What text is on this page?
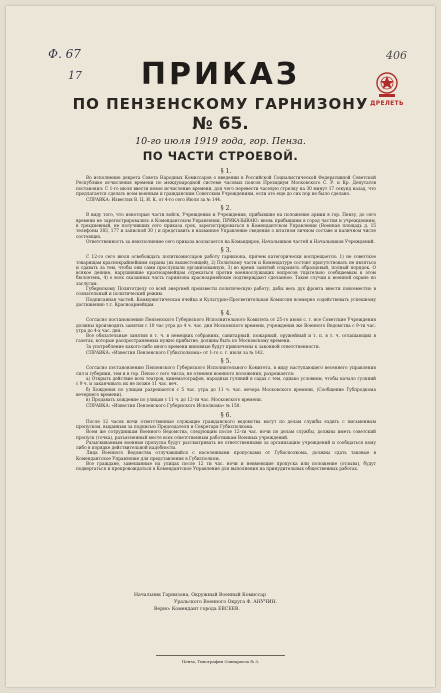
Ф. 67
17
406
ДРЕЛЕТЬ
ПРИКАЗ
ПО ПЕНЗЕНСКОМУ ГАРНИЗОНУ
№ 65.
10-го июля 1919 года, гор. Пенза.
ПО ЧАСТИ СТРОЕВОЙ.
§ 1.

Во исполнение декрета Совета Народных Комиссаров о введении в Российской Социалистической Федеративной Советской Республике исчисления времени по международной системе часовых поясов Президиум Московского С. Р. и Кр. Депутатов постановил: С 1-го июля ввести новое исчисление времени, для чего перевести часовую стрелку на 30 минут 17 секунд назад, что предлагается сделать всем военным и гражданским Советским Учреждениям, если это еще до сих пор не было сделано.

СПРАВКА: Известия В. Ц. И. К. от 4-го сего Июля за № 144.

§ 2.

В виду того, что некоторые части войск, Учреждения и Учреждения, прибывшие на положение армии в гор. Пензу, до сего времени не зарегистрировались в Комендантском Управлении, ПРИКАЗЫВАЮ: вновь прибывшим в город частям и учреждениям, в трехдневный, не получивших сего приказа срок, зарегистрироваться в Комендантском Управлении (Военная площадь д. 15 телефоны 383, 177 и записной 30 ) и представить в названное Управление сведения о штатном личном составе и наличном числе состоящих.

Ответственность за неисполнение сего приказа возлагается на Командиров, Начальников частей и Начальников Учреждений.

§ 3.

С 12-го сего июля освобождать политкомиссаров работу гарнизона, причем категорически воспрещается: 1) не советское товарищам краснокрайнейшим охраны (их вышестоящей), 2) Политкому части и Комендатуре состоит присутствовать не являться и сдавать за тем, чтобы они сами прослушали организованную, 3) во время занятий сохранять образцовый, полный порядок. О всякое деяние, нарушившие красноармейцам отрекаться против военнослужащих вопросов тщательно сообщаемым в этом бюллетень, 4) о всех сказанных часть гарнизона красноармейские подтверждают сделанное. Такие случаи к военной охране по заслугам.

Губернскому Политотделу со всей энергией произвести политическую работу, дабы весь дух фронта внести повсеместно в сознательный и политический режим.

Подписанная частей, Коммунистическая ячейка и Культурно-Просветительная Комиссия всемерно содействовать успешному достижению т.т. Красноармейцам.

§ 4.

Согласно постановлению Пензенского Губернского Исполнительного Комитета от 25-го июня с. г. все Советские Учреждения должны производить занятия с 10 час утра до 4 ч. час. дня Московского времени, учреждения же Военного Ведомства с 9-ти час. утра до 4-х час. дня.

Все обязательные занятия в т. ч. в немецких собраниях, санитарный, пожарный, оружейный и т. п. в т. ч. оглашающих в газетах, которые распространяемых нужно прибытие, должны быть по Московскому времени.

За употребление какого-либо иного времени виновные будут привлечены к законной ответственности.

СПРАВКА: «Известия Пензенского Губисполкома» от 1-го с. г. июля за № 142.

§ 5.

Согласно постановлению Пензенского Губернского Исполнительного Комитета, в виду наступающего весеннего управления сил и губернии, тем и в гор. Пензе с сего числа, не отменен военного положения, разрешается:

а) Открыть действие всех театров, кинематографов, народных гуляний в садах с тем, однако условием, чтобы начало гуляний с 9 ч. и заканчивать их не позже 11 час. веч.

б) Хождения по улицам разрешается с 5 час. утра до 11 ч. час. вечера Московского времени, (Сообщение Губпродкома вечернего времени).

в) Продавать хождение по улицам с 11 ч. до 12-ти час. Московского времени.

СПРАВКА: «Известия Пензенского Губернского Исполкома» № 150.

§ 6.

После 12 часов ночи ответственные служащие гражданского ведомства могут по делам службы ездить с письменным пропуском, выданным за подписью Председателя и Секретаря Губисполкома.

Всем же сотрудникам Военного Ведомства, следующим после 12-ти час. ночи по делам службы, должны иметь советский пропуск (точка), разъясненный месте всех ответственным работникам Военных учреждений.

Разыскиваемым военные пропуска будут рассматривать не ответственными за организацию учреждений и сообщаться кому либо в порядке действительной надобности.

Лица Военного Ведомства отлучавшийся с населенными пропусками от Губисполкома, должны сдать таковые в Комендантское Управление для представления в Губисполком.

Все граждане, замешанные на улицах после 12 ти час. ночи и неимеющие пропуска или положение (отзыва), будут подвергаться и препровождаться в Комендантское Управление для выполнения на принудительных общественных работах.

Начальник Гарнизона, Окружный Военный Комиссар
Уральского Военного Округа Ф. АНУЧИН.
Верно: Комендант города ЕВСЕЕВ.
Пенза, Типография Совнархоза № 3.
